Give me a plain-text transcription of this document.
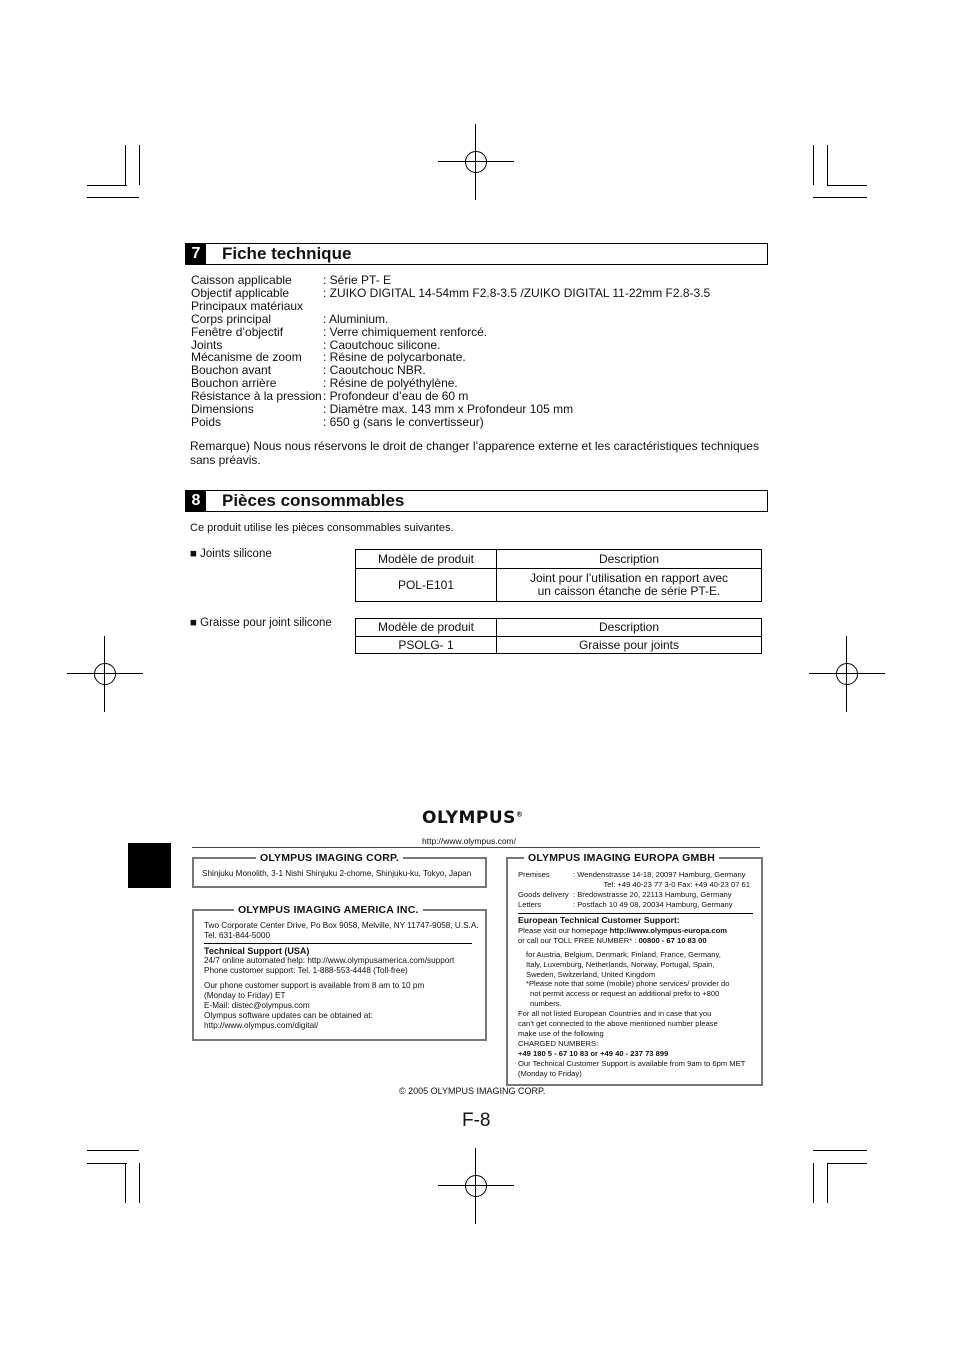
7	Fiche technique
Caisson applicable	: Série PT- E
Objectif applicable	: ZUIKO DIGITAL 14-54mm F2.8-3.5 /ZUIKO DIGITAL 11-22mm F2.8-3.5
Principaux matériaux
Corps principal	: Aluminium.
Fenêtre d’objectif	: Verre chimiquement renforcé.
Joints	: Caoutchouc silicone.
Mécanisme de zoom	: Résine de polycarbonate.
Bouchon avant	: Caoutchouc NBR.
Bouchon arrière	: Résine de polyéthylène.
Résistance à la pression : Profondeur d’eau de 60 m
Dimensions	: Diamètre max. 143 mm x Profondeur 105 mm
Poids	: 650 g (sans le convertisseur)
Remarque) Nous nous réservons le droit de changer l’apparence externe et les caractéristiques techniques
sans préavis.
8	Pièces consommables
Ce produit utilise les pièces consommables suivantes.
■ Joints silicone
■ Graisse pour joint silicone
Modèle de produit	Description
POL-E101	Joint pour l’utilisation en rapport avec
un caisson étanche de série PT-E.
Modèle de produit	Description
PSOLG- 1	Graisse pour joints
OLYMPUS®
http://www.olympus.com/
OLYMPUS IMAGING CORP.
Shinjuku Monolith, 3-1 Nishi Shinjuku 2-chome, Shinjuku-ku, Tokyo, Japan
OLYMPUS IMAGING AMERICA INC.
Two Corporate Center Drive, Po Box 9058, Melville, NY 11747-9058, U.S.A.
Tel. 631-844-5000
Technical Support (USA)
24/7 online automated help: http://www.olympusamerica.com/support
Phone customer support: Tel. 1-888-553-4448 (Toll-free)
Our phone customer support is available from 8 am to 10 pm
(Monday to Friday) ET
E-Mail: distec@olympus.com
Olympus software updates can be obtained at:
http://www.olympus.com/digital/
OLYMPUS IMAGING EUROPA GMBH
Premises	: Wendenstrasse 14-18, 20097 Hamburg, Germany
Tel: +49 40-23 77 3-0 Fax: +49 40-23 07 61
Goods delivery : Bredowstrasse 20, 22113 Hamburg, Germany
Letters	: Postfach 10 49 08, 20034 Hamburg, Germany
European Technical Customer Support:
Please visit our homepage http://www.olympus-europa.com
or call our TOLL FREE NUMBER* : 00800 - 67 10 83 00
for Austria, Belgium, Denmark, Finland, France, Germany,
Italy, Luxemburg, Netherlands, Norway, Portugal, Spain,
Sweden, Switzerland, United Kingdom
*Please note that some (mobile) phone services/ provider do
not permit access or request an additional prefix to +800
numbers.
For all not listed European Countries and in case that you
can’t get connected to the above mentioned number please
make use of the following
CHARGED NUMBERS:
+49 180 5 - 67 10 83 or +49 40 - 237 73 899
Our Technical Customer Support is available from 9am to 6pm MET
(Monday to Friday)
© 2005 OLYMPUS IMAGING CORP.
F-8
